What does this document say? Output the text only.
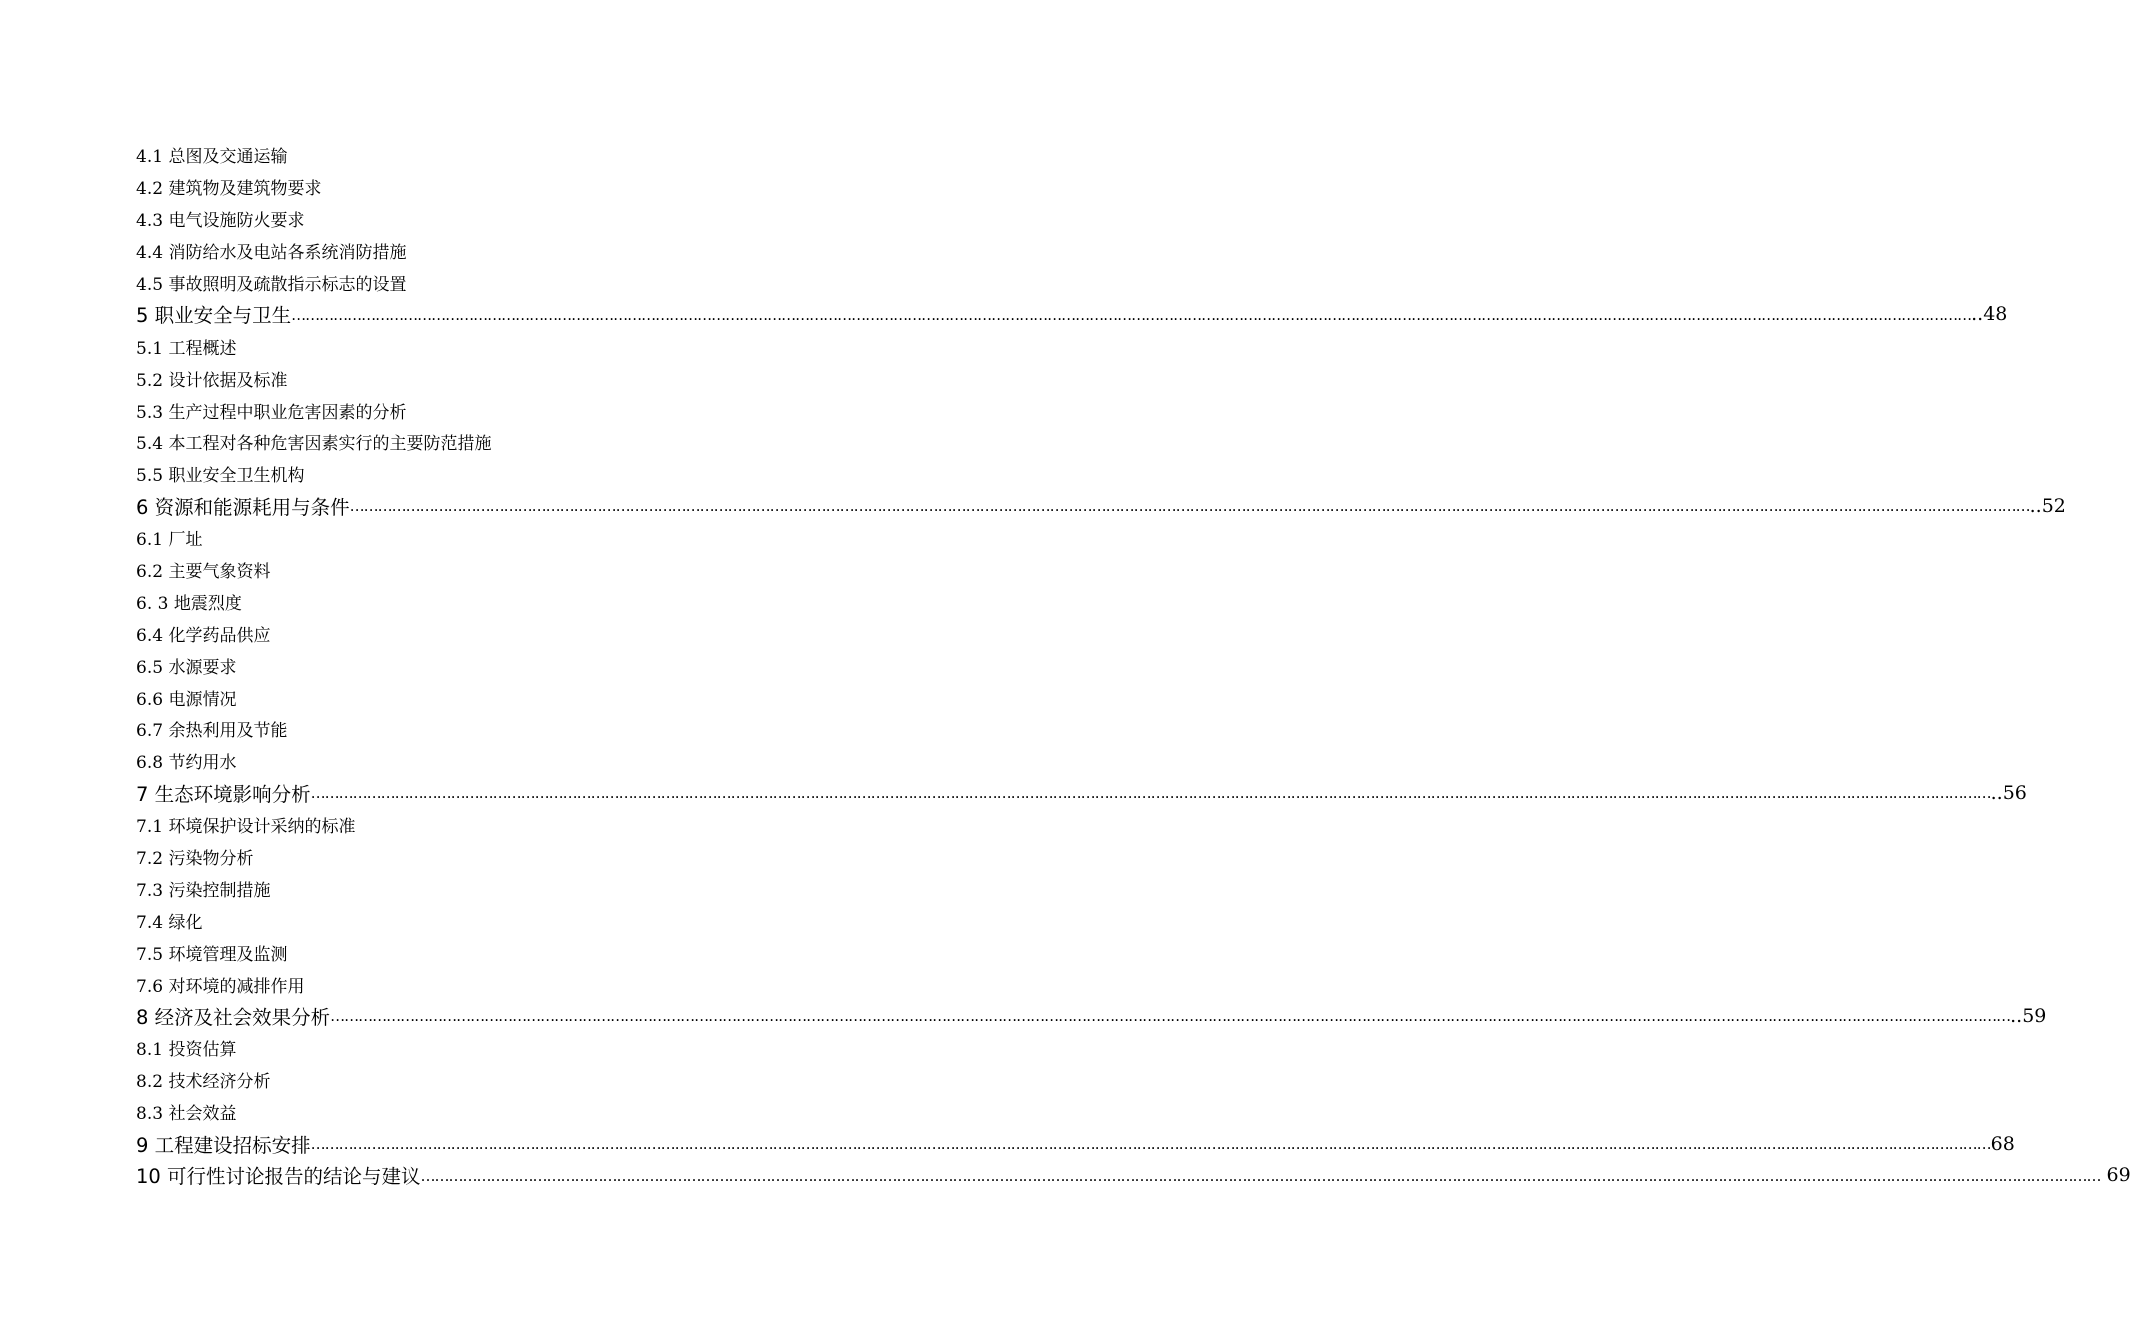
4.1 总图及交通运输
4.2 建筑物及建筑物要求
4.3 电气设施防火要求
4.4 消防给水及电站各系统消防措施
4.5 事故照明及疏散指示标志的设置
5 职业安全与卫生 ……………………………………………………………………………………………………………………………………………………………………………………………………………………………………………………………………………………………………………………………… ..48
5.1 工程概述
5.2 设计依据及标准
5.3 生产过程中职业危害因素的分析
5.4 本工程对各种危害因素实行的主要防范措施
5.5 职业安全卫生机构
6 资源和能源耗用与条件 ……………………………………………………………………………………………………………………………………………………………………………………………………………………………………………………………………………………………………………………………… ..52
6.1 厂址
6.2 主要气象资料
6. 3 地震烈度
6.4 化学药品供应
6.5 水源要求
6.6 电源情况
6.7 余热利用及节能
6.8 节约用水
7 生态环境影响分析 ……………………………………………………………………………………………………………………………………………………………………………………………………………………………………………………………………………………………………………………………… ..56
7.1 环境保护设计采纳的标准
7.2 污染物分析
7.3 污染控制措施
7.4 绿化
7.5 环境管理及监测
7.6 对环境的减排作用
8 经济及社会效果分析 ……………………………………………………………………………………………………………………………………………………………………………………………………………………………………………………………………………………………………………………………… ..59
8.1 投资估算
8.2 技术经济分析
8.3 社会效益
9 工程建设招标安排 ……………………………………………………………………………………………………………………………………………………………………………………………………………………………………………………………………………………………………………………………… 68
10 可行性讨论报告的结论与建议 ……………………………………………………………………………………………………………………………………………………………………………………………………………………………………………………………………………………………………………………………… 69
